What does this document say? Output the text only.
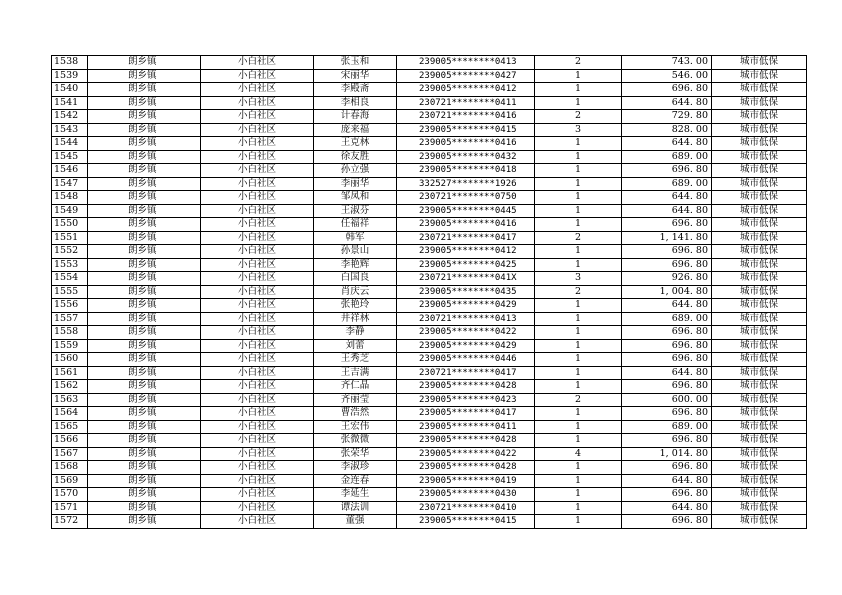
1538	朗乡镇	小白社区	张玉和	239005********0413	2	743. 00	城市低保
1539	朗乡镇	小白社区	宋丽华	239005********0427	1	546. 00	城市低保
1540	朗乡镇	小白社区	李殿斋	239005********0412	1	696. 80	城市低保
1541	朗乡镇	小白社区	李相良	230721********0411	1	644. 80	城市低保
1542	朗乡镇	小白社区	计春海	230721********0416	2	729. 80	城市低保
1543	朗乡镇	小白社区	庞来福	239005********0415	3	828. 00	城市低保
1544	朗乡镇	小白社区	王克林	239005********0416	1	644. 80	城市低保
1545	朗乡镇	小白社区	徐友胜	239005********0432	1	689. 00	城市低保
1546	朗乡镇	小白社区	孙立强	239005********0418	1	696. 80	城市低保
1547	朗乡镇	小白社区	李丽华	332527********1926	1	689. 00	城市低保
1548	朗乡镇	小白社区	邹凤和	230721********0750	1	644. 80	城市低保
1549	朗乡镇	小白社区	王淑芬	239005********0445	1	644. 80	城市低保
1550	朗乡镇	小白社区	任福祥	239005********0416	1	696. 80	城市低保
1551	朗乡镇	小白社区	韩军	230721********0417	2	1, 141. 80	城市低保
1552	朗乡镇	小白社区	孙景山	239005********0412	1	696. 80	城市低保
1553	朗乡镇	小白社区	李艳辉	239005********0425	1	696. 80	城市低保
1554	朗乡镇	小白社区	白国良	230721********041X	3	926. 80	城市低保
1555	朗乡镇	小白社区	肖庆云	239005********0435	2	1, 004. 80	城市低保
1556	朗乡镇	小白社区	张艳玲	239005********0429	1	644. 80	城市低保
1557	朗乡镇	小白社区	井祥林	230721********0413	1	689. 00	城市低保
1558	朗乡镇	小白社区	李静	239005********0422	1	696. 80	城市低保
1559	朗乡镇	小白社区	刘蕾	239005********0429	1	696. 80	城市低保
1560	朗乡镇	小白社区	王秀芝	239005********0446	1	696. 80	城市低保
1561	朗乡镇	小白社区	王吉满	230721********0417	1	644. 80	城市低保
1562	朗乡镇	小白社区	齐仁晶	239005********0428	1	696. 80	城市低保
1563	朗乡镇	小白社区	齐丽莹	239005********0423	2	600. 00	城市低保
1564	朗乡镇	小白社区	曹浩然	239005********0417	1	696. 80	城市低保
1565	朗乡镇	小白社区	王宏伟	239005********0411	1	689. 00	城市低保
1566	朗乡镇	小白社区	张微微	239005********0428	1	696. 80	城市低保
1567	朗乡镇	小白社区	张荣华	239005********0422	4	1, 014. 80	城市低保
1568	朗乡镇	小白社区	李淑珍	239005********0428	1	696. 80	城市低保
1569	朗乡镇	小白社区	金连春	239005********0419	1	644. 80	城市低保
1570	朗乡镇	小白社区	李延生	239005********0430	1	696. 80	城市低保
1571	朗乡镇	小白社区	谭法训	230721********0410	1	644. 80	城市低保
1572	朗乡镇	小白社区	董强	239005********0415	1	696. 80	城市低保
